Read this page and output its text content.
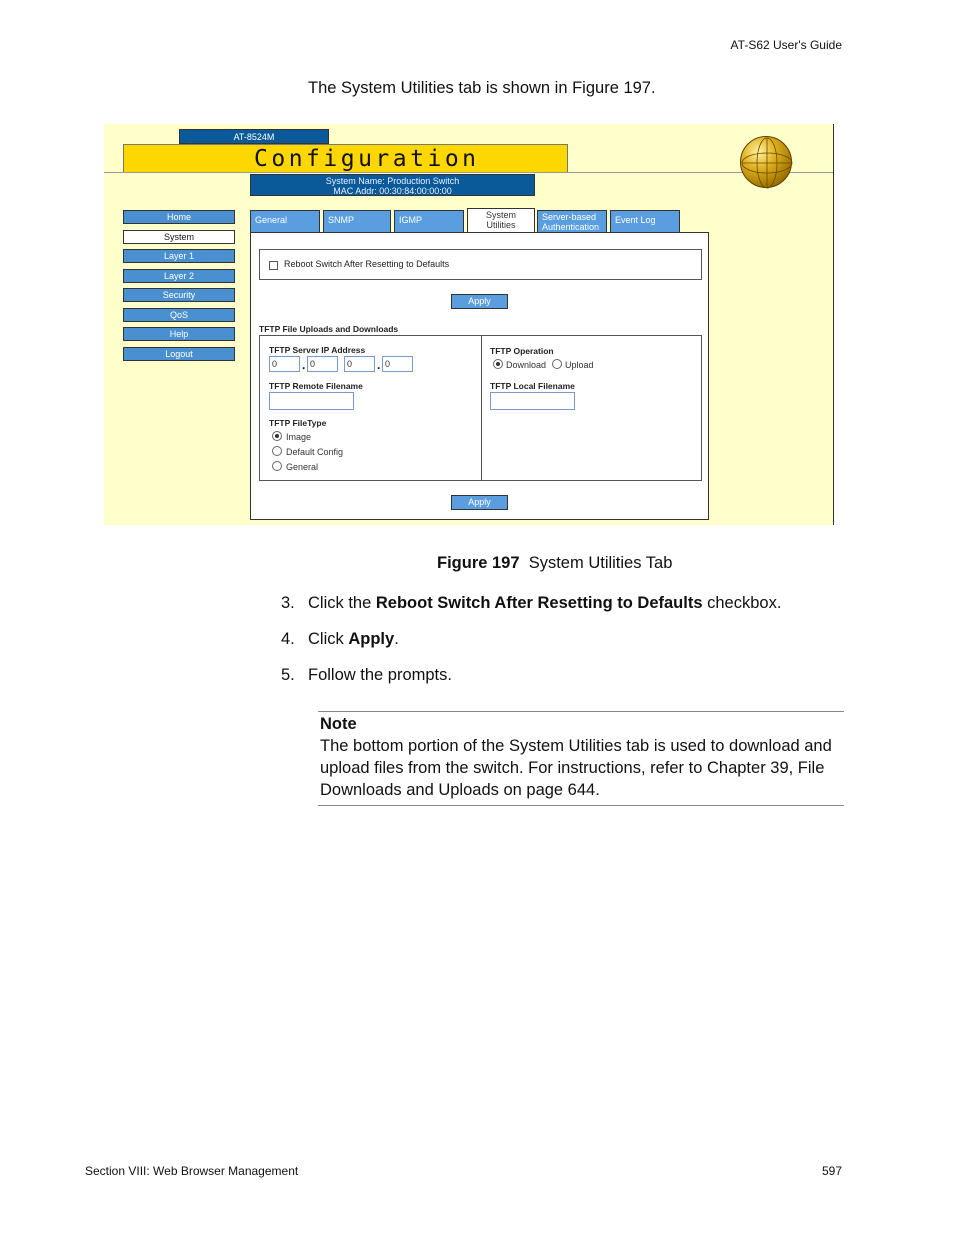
AT-S62 User's Guide
The System Utilities tab is shown in Figure 197.
AT-8524M
Configuration
System Name: Production Switch
MAC Addr: 00:30:84:00:00:00
Home
System
Layer 1
Layer 2
Security
QoS
Help
Logout
General	SNMP	IGMP	System
Utilities
Server-based
Authentication
Event Log
Reboot Switch After Resetting to Defaults
Apply
TFTP File Uploads and Downloads
TFTP Server IP Address
0	. 0	0	. 0
TFTP Remote Filename
TFTP FileType
Image
Default Config
General
TFTP Operation
Download Upload
TFTP Local Filename
Apply
Figure 197 System Utilities Tab
3. Click the Reboot Switch After Resetting to Defaults checkbox.
4. Click Apply.
5. Follow the prompts.
Note
The bottom portion of the System Utilities tab is used to download and upload files from the switch. For instructions, refer to Chapter 39, File Downloads and Uploads on page 644.
Section VIII: Web Browser Management	597
